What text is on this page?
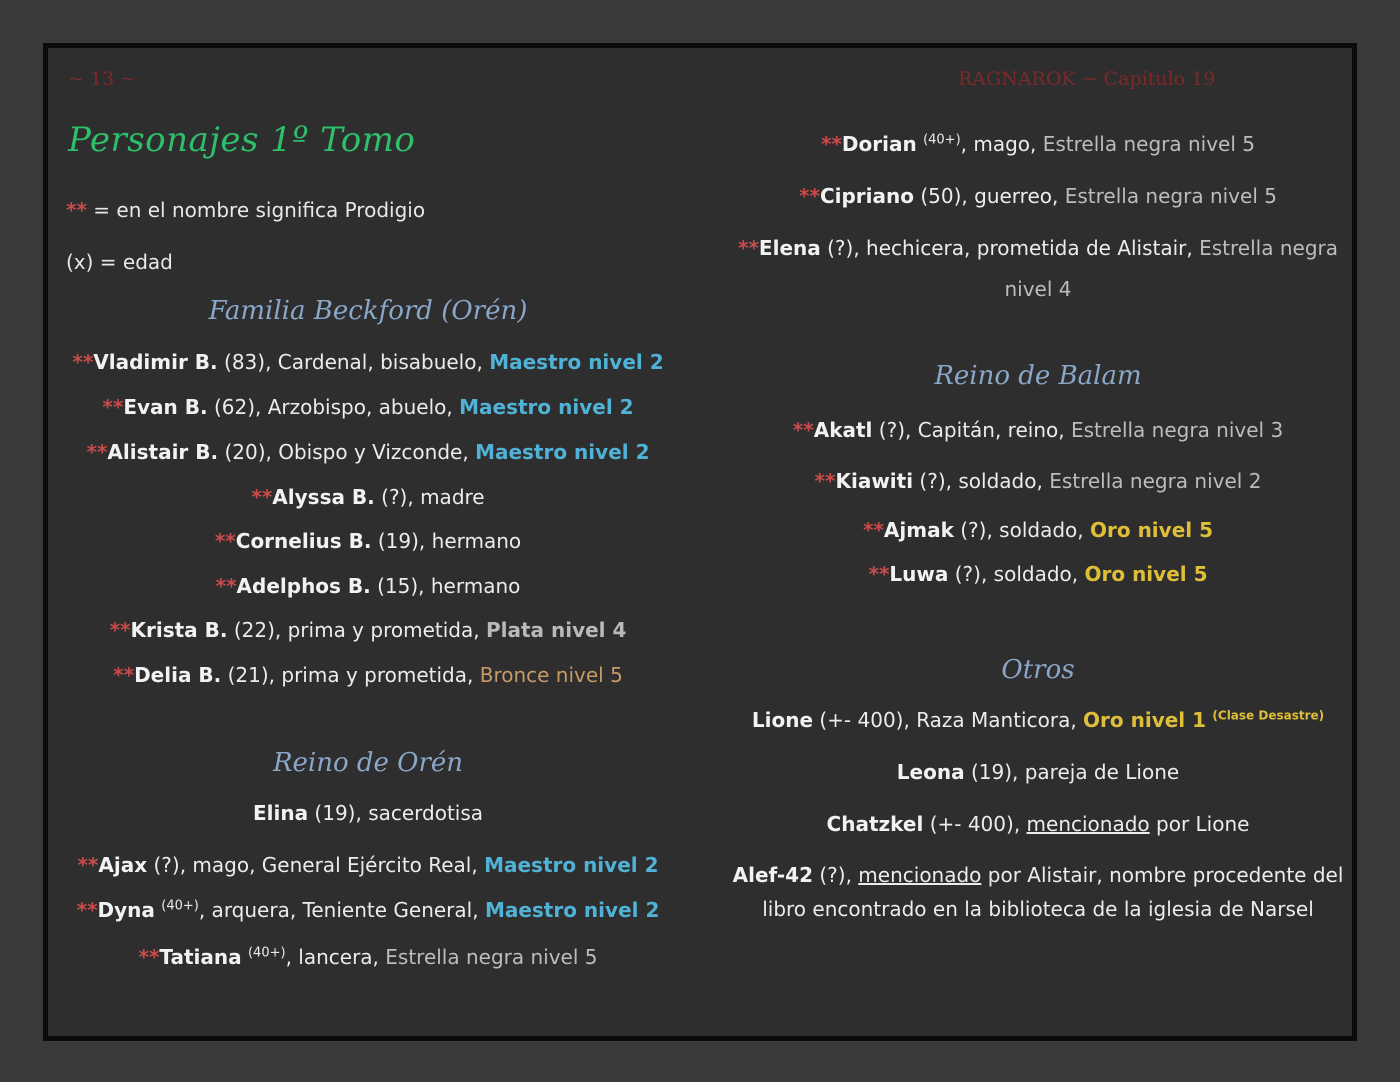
~ 13 ~	RAGNAROK ~ Capítulo 19
Personajes 1º Tomo
** = en el nombre significa Prodigio
(x) = edad
Familia Beckford (Orén)
**Vladimir B. (83), Cardenal, bisabuelo, Maestro nivel 2
**Evan B. (62), Arzobispo, abuelo, Maestro nivel 2
**Alistair B. (20), Obispo y Vizconde, Maestro nivel 2
**Alyssa B. (?), madre
**Cornelius B. (19), hermano
**Adelphos B. (15), hermano
**Krista B. (22), prima y prometida, Plata nivel 4
**Delia B. (21), prima y prometida, Bronce nivel 5
Reino de Orén
Elina (19), sacerdotisa
**Ajax (?), mago, General Ejército Real, Maestro nivel 2
**Dyna $^{(40+)}$, arquera, Teniente General, Maestro nivel 2
**Tatiana $^{(40+)}$, lancera, Estrella negra nivel 5
**Dorian $^{(40+)}$, mago, Estrella negra nivel 5
**Cipriano (50), guerreo, Estrella negra nivel 5
**Elena (?), hechicera, prometida de Alistair, Estrella negra
nivel 4
Reino de Balam
**Akatl (?), Capitán, reino, Estrella negra nivel 3
**Kiawiti (?), soldado, Estrella negra nivel 2
**Ajmak (?), soldado, Oro nivel 5
**Luwa (?), soldado, Oro nivel 5
Otros
Lione (+- 400), Raza Manticora, Oro nivel 1 $^{(Clase Desastre)}$
Leona (19), pareja de Lione
Chatzkel (+- 400), mencionado por Lione
Alef-42 (?), mencionado por Alistair, nombre procedente del
libro encontrado en la biblioteca de la iglesia de Narsel
